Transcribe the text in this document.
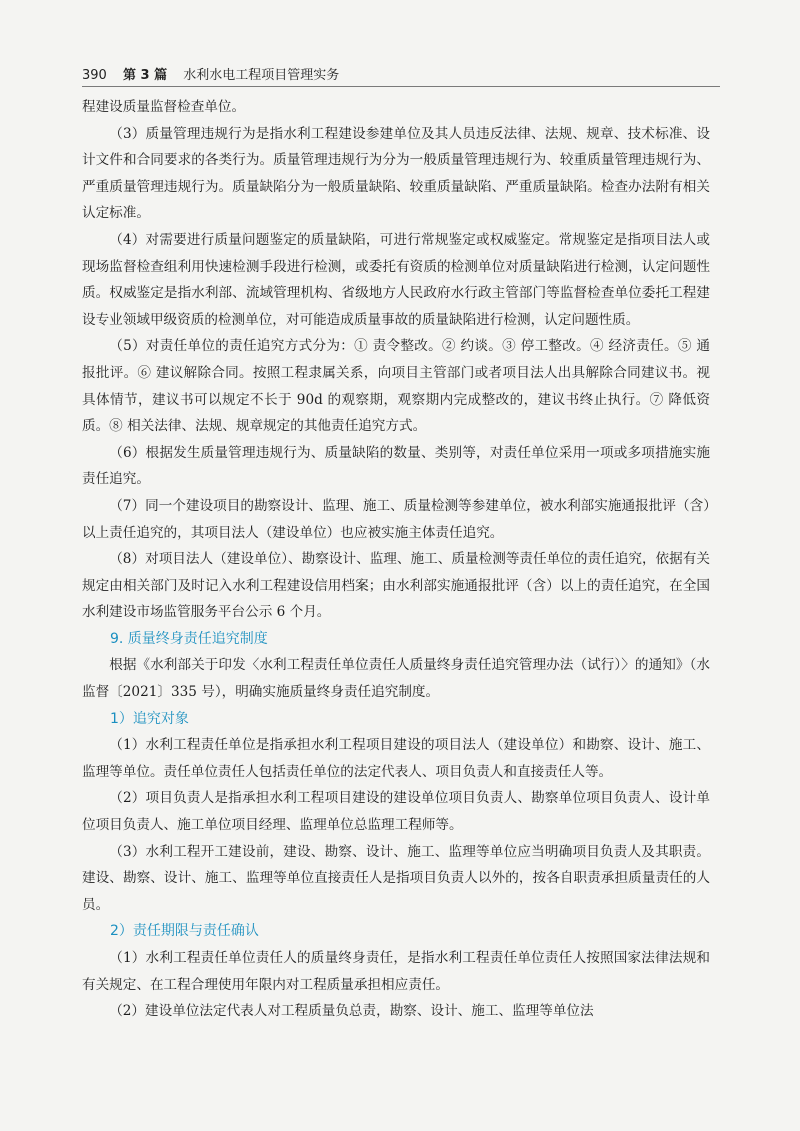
390 第 3 篇 水利水电工程项目管理实务

程建设质量监督检查单位。

（3）质量管理违规行为是指水利工程建设参建单位及其人员违反法律、法规、规章、技术标准、设计文件和合同要求的各类行为。质量管理违规行为分为一般质量管理违规行为、较重质量管理违规行为、严重质量管理违规行为。质量缺陷分为一般质量缺陷、较重质量缺陷、严重质量缺陷。检查办法附有相关认定标准。

（4）对需要进行质量问题鉴定的质量缺陷，可进行常规鉴定或权威鉴定。常规鉴定是指项目法人或现场监督检查组利用快速检测手段进行检测，或委托有资质的检测单位对质量缺陷进行检测，认定问题性质。权威鉴定是指水利部、流域管理机构、省级地方人民政府水行政主管部门等监督检查单位委托工程建设专业领域甲级资质的检测单位，对可能造成质量事故的质量缺陷进行检测，认定问题性质。

（5）对责任单位的责任追究方式分为：① 责令整改。② 约谈。③ 停工整改。④ 经济责任。⑤ 通报批评。⑥ 建议解除合同。按照工程隶属关系，向项目主管部门或者项目法人出具解除合同建议书。视具体情节，建议书可以规定不长于 90d 的观察期，观察期内完成整改的，建议书终止执行。⑦ 降低资质。⑧ 相关法律、法规、规章规定的其他责任追究方式。

（6）根据发生质量管理违规行为、质量缺陷的数量、类别等，对责任单位采用一项或多项措施实施责任追究。

（7）同一个建设项目的勘察设计、监理、施工、质量检测等参建单位，被水利部实施通报批评（含）以上责任追究的，其项目法人（建设单位）也应被实施主体责任追究。

（8）对项目法人（建设单位）、勘察设计、监理、施工、质量检测等责任单位的责任追究，依据有关规定由相关部门及时记入水利工程建设信用档案；由水利部实施通报批评（含）以上的责任追究，在全国水利建设市场监管服务平台公示 6 个月。

9. 质量终身责任追究制度

根据《水利部关于印发〈水利工程责任单位责任人质量终身责任追究管理办法（试行）〉的通知》（水监督〔2021〕335 号），明确实施质量终身责任追究制度。

1）追究对象

（1）水利工程责任单位是指承担水利工程项目建设的项目法人（建设单位）和勘察、设计、施工、监理等单位。责任单位责任人包括责任单位的法定代表人、项目负责人和直接责任人等。

（2）项目负责人是指承担水利工程项目建设的建设单位项目负责人、勘察单位项目负责人、设计单位项目负责人、施工单位项目经理、监理单位总监理工程师等。

（3）水利工程开工建设前，建设、勘察、设计、施工、监理等单位应当明确项目负责人及其职责。建设、勘察、设计、施工、监理等单位直接责任人是指项目负责人以外的，按各自职责承担质量责任的人员。

2）责任期限与责任确认

（1）水利工程责任单位责任人的质量终身责任，是指水利工程责任单位责任人按照国家法律法规和有关规定、在工程合理使用年限内对工程质量承担相应责任。

（2）建设单位法定代表人对工程质量负总责，勘察、设计、施工、监理等单位法
